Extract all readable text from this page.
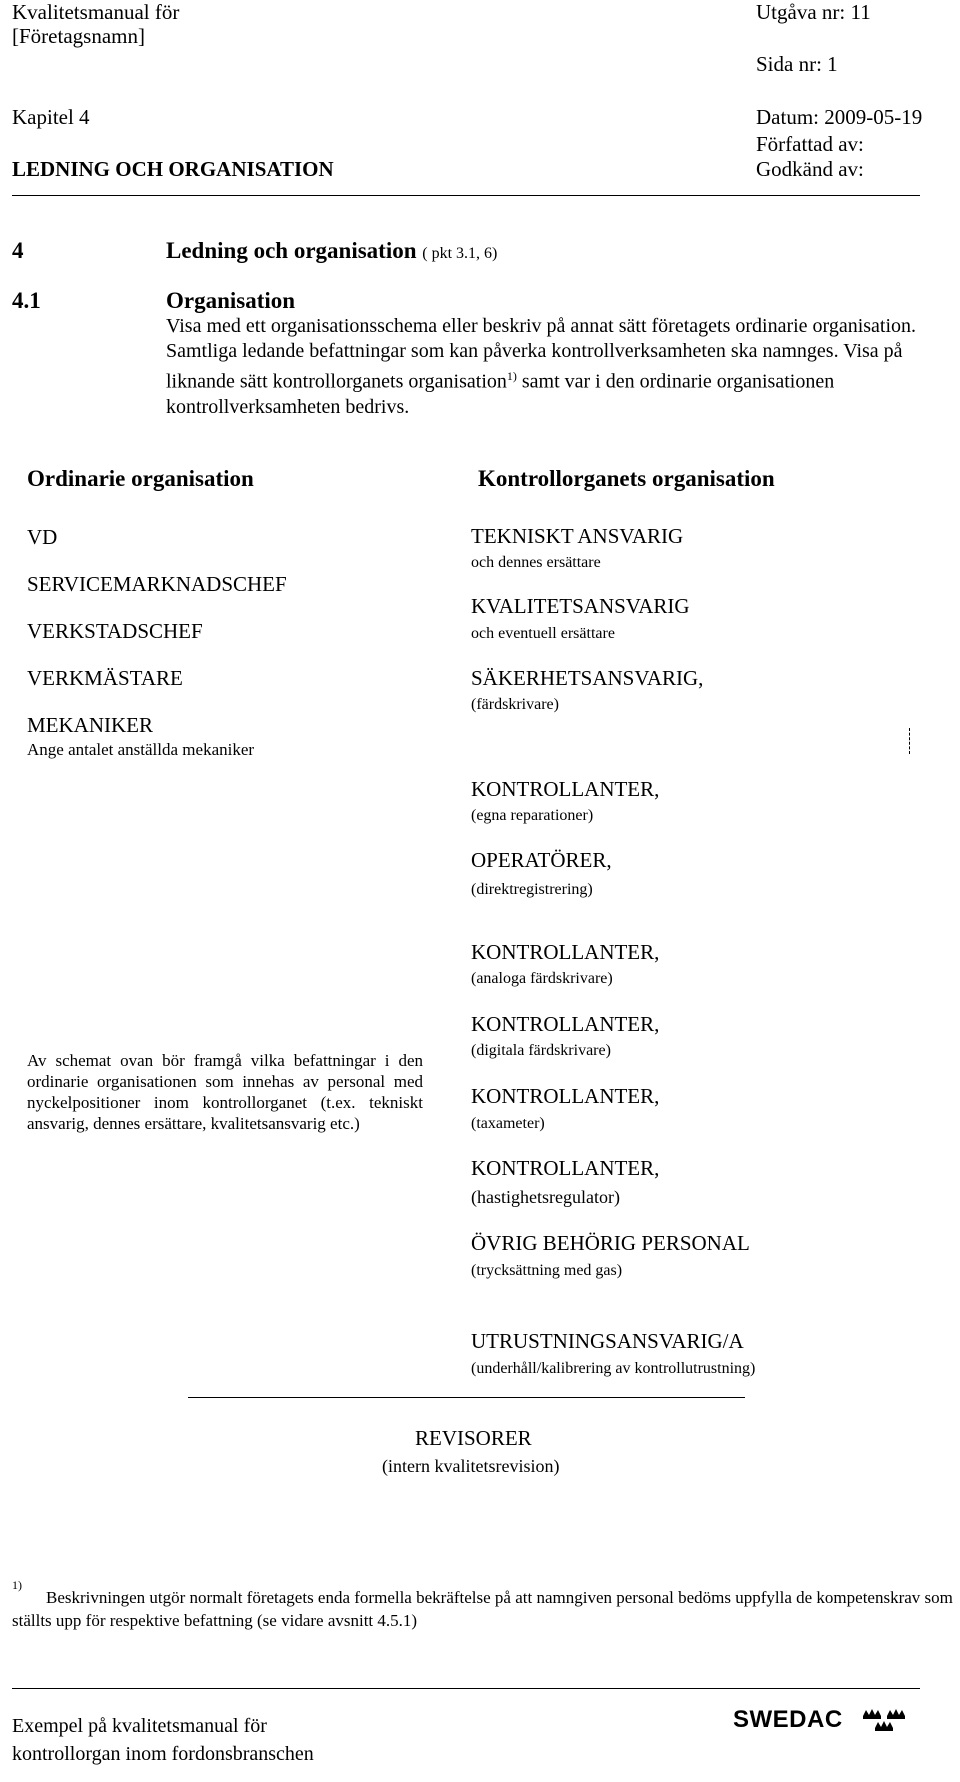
Kvalitetsmanual för
[Företagsnamn]
Utgåva nr: 11
Sida nr: 1
Kapitel 4	Datum: 2009-05-19
Författad av:
LEDNING OCH ORGANISATION	Godkänd av:
4	Ledning och organisation ( pkt 3.1, 6)
4.1	Organisation
Visa med ett organisationsschema eller beskriv på annat sätt företagets ordinarie organisation. Samtliga ledande befattningar som kan påverka kontrollverksamheten ska namnges. Visa på liknande sätt kontrollorganets organisation$^{1)}$ samt var i den ordinarie organisationen kontrollverksamheten bedrivs.
Ordinarie organisation
VD
SERVICEMARKNADSCHEF
VERKSTADSCHEF
VERKMÄSTARE
MEKANIKER
Ange antalet anställda mekaniker
Av schemat ovan bör framgå vilka befattningar i den ordinarie organisationen som innehas av personal med nyckelpositioner inom kontrollorganet (t.ex. tekniskt ansvarig, dennes ersättare, kvalitetsansvarig etc.)
Kontrollorganets organisation
TEKNISKT ANSVARIG
och dennes ersättare
KVALITETSANSVARIG
och eventuell ersättare
SÄKERHETSANSVARIG,
(färdskrivare)
KONTROLLANTER,
(egna reparationer)
OPERATÖRER,
(direktregistrering)
KONTROLLANTER,
(analoga färdskrivare)
KONTROLLANTER,
(digitala färdskrivare)
KONTROLLANTER,
(taxameter)
KONTROLLANTER,
(hastighetsregulator)
ÖVRIG BEHÖRIG PERSONAL
(trycksättning med gas)
UTRUSTNINGSANSVARIG/A
(underhåll/kalibrering av kontrollutrustning)
REVISORER
(intern kvalitetsrevision)
1)
Beskrivningen utgör normalt företagets enda formella bekräftelse på att namngiven personal bedöms uppfylla de kompetenskrav som ställts upp för respektive befattning (se vidare avsnitt 4.5.1)
Exempel på kvalitetsmanual för
kontrollorgan inom fordonsbranschen
SWEDAC
